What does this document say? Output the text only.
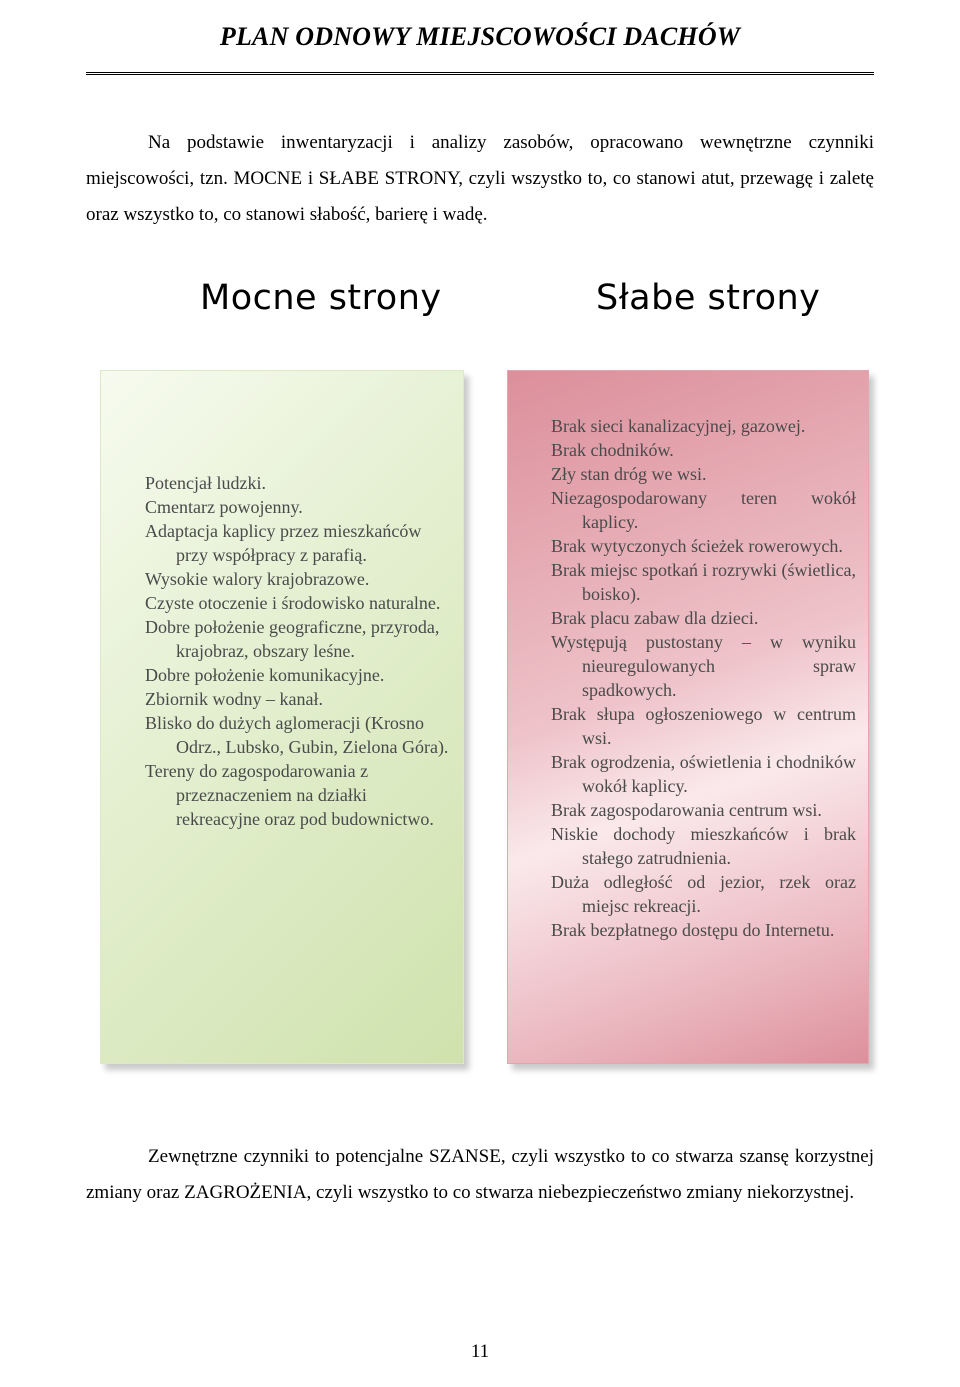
PLAN ODNOWY MIEJSCOWOŚCI DACHÓW

Na podstawie inwentaryzacji i analizy zasobów, opracowano wewnętrzne czynniki miejscowości, tzn. MOCNE i SŁABE STRONY, czyli wszystko to, co stanowi atut, przewagę i zaletę oraz wszystko to, co stanowi słabość, barierę i wadę.

Mocne strony	Słabe strony
Potencjał ludzki.
Cmentarz powojenny.
Adaptacja kaplicy przez mieszkańców przy współpracy z parafią.
Wysokie walory krajobrazowe.
Czyste otoczenie i środowisko naturalne.
Dobre położenie geograficzne, przyroda, krajobraz, obszary leśne.
Dobre położenie komunikacyjne.
Zbiornik wodny – kanał.
Blisko do dużych aglomeracji (Krosno Odrz., Lubsko, Gubin, Zielona Góra).
Tereny do zagospodarowania z przeznaczeniem na działki rekreacyjne oraz pod budownictwo.
Brak sieci kanalizacyjnej, gazowej.
Brak chodników.
Zły stan dróg we wsi.
Niezagospodarowany teren wokół kaplicy.
Brak wytyczonych ścieżek rowerowych.
Brak miejsc spotkań i rozrywki (świetlica, boisko).
Brak placu zabaw dla dzieci.
Występują pustostany – w wyniku nieuregulowanych spraw spadkowych.
Brak słupa ogłoszeniowego w centrum wsi.
Brak ogrodzenia, oświetlenia i chodników wokół kaplicy.
Brak zagospodarowania centrum wsi.
Niskie dochody mieszkańców i brak stałego zatrudnienia.
Duża odległość od jezior, rzek oraz miejsc rekreacji.
Brak bezpłatnego dostępu do Internetu.

Zewnętrzne czynniki to potencjalne SZANSE, czyli wszystko to co stwarza szansę korzystnej zmiany oraz ZAGROŻENIA, czyli wszystko to co stwarza niebezpieczeństwo zmiany niekorzystnej.

11
